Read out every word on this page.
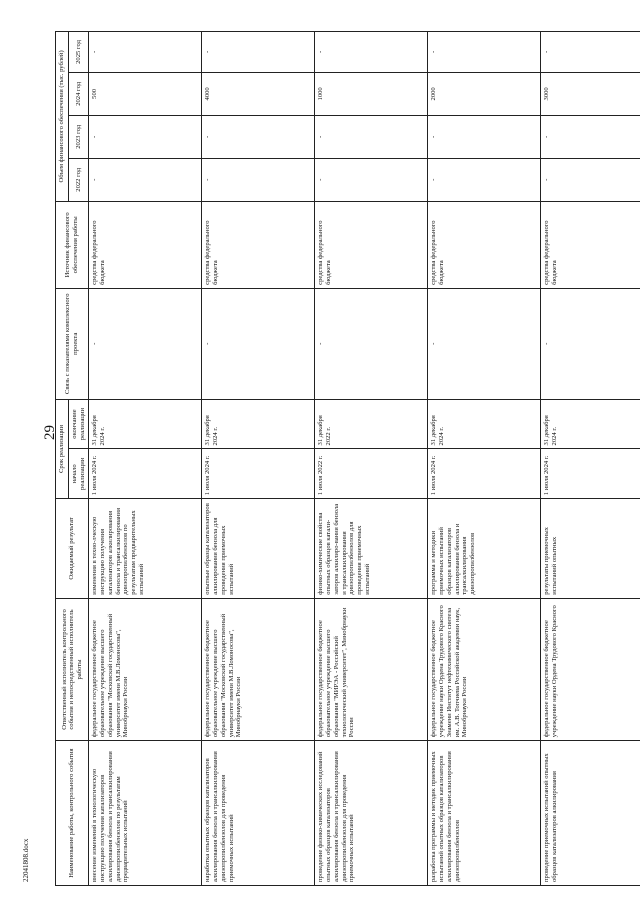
29
Наименование работы, контрольного события	Ответственный исполнитель контрольного события и непосредственный исполнитель работы	Ожидаемый результат	Срок реализации		Связь с показателями комплексного проекта	Источник финансового обеспечения работы	Объем финансового обеспечения (тыс. рублей)			
			начало реализации	окончание реализации			2022 год	2023 год	2024 год	2025 год
внесение изменений в технологическую инструкцию получения катализаторов алкилирования бензола и трансалкилирования диизопропилбензолов по результатам предварительных испытаний	федеральное государственное бюджетное образовательное учреждение высшего образования "Московский государственный университет имени М.В.Ломоносова", Минобрнауки России	изменения в техно-лческую инструкцию получения катализаторов алкилирования бензола и трансалкилирования диизопропилбензолов по результатам предварительных испытаний	1 июля 2024 г.	31 декабря 2024 г.	-	средства федерального бюджета	-	-	500	-
наработка опытных образцов катализаторов алкилирования бензола и трансалкилирования диизопропилбензолов для проведения приемочных испытаний	федеральное государственное бюджетное образовательное учреждение высшего образования "Московский государственный университет имени М.В.Ломоносова", Минобрнауки России	опытные образцы катализаторов алкилирования бензола для проведения приемочных испытаний	1 июля 2024 г.	31 декабря 2024 г.	-	средства федерального бюджета	-	-	4000	-
проведение физико-химических исследований опытных образцов катализаторов алкилирования бензола и трансалкилирования диизопропилбензолов для проведения приемочных испытаний	федеральное государственное бюджетное образовательное учреждение высшего образования "МИРЭА - Российский технологический университет", Минобрнауки России	физико-химические свойства опытных образцов катали-заторов алкилиро-вания бензола и трансалкилирования диизопропилбензолов для проведения приемочных испытаний	1 июля 2022 г.	31 декабря 2022 г.	-	средства федерального бюджета	-	-	1000	-
разработка программы и методик приемочных испытаний опытных образцов катализаторов алкилирования бензола и трансалкилирования диизопропилбензолов	федеральное государственное бюджетное учреждение науки Ордена Трудового Красного Знамени Институт нефтехимического синтеза им. А.В. Топчиева Российской академии наук, Минобрнауки России	программа и методики приемочных испытаний образцов катализаторов алкилирования бензола и трансалкилирования диизопропилбензолов	1 июля 2024 г.	31 декабря 2024 г.	-	средства федерального бюджета	-	-	2000	-
проведение приемочных испытаний опытных образцов катализаторов алкилирования	федеральное государственное бюджетное учреждение науки Ордена Трудового Красного	результаты приемочных испытаний опытных	1 июля 2024 г.	31 декабря 2024 г.	-	средства федерального бюджета	-	-	3000	-
22041808.docx
